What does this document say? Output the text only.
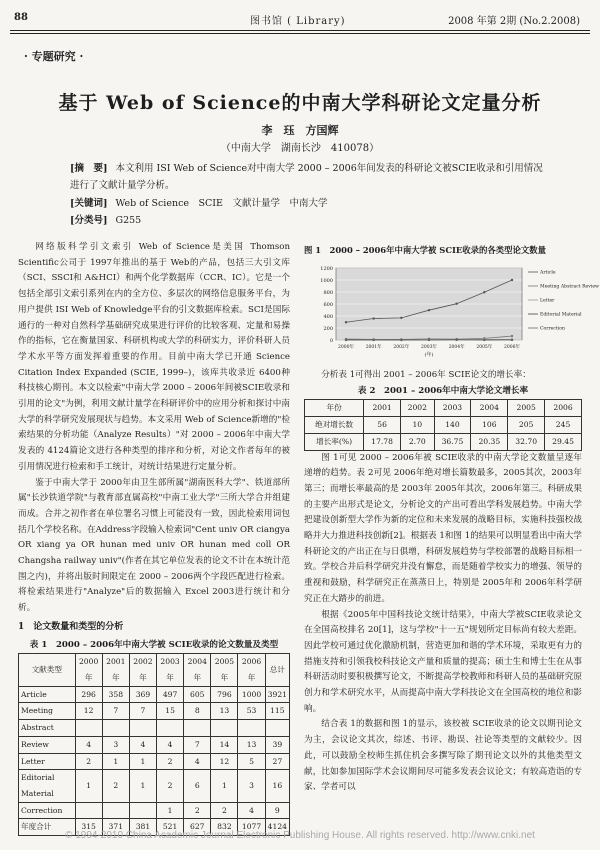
88	图书馆 ( Library)	2008 年第 2期 (No.2.2008)
· 专题研究 ·
基于 Web of Science的中南大学科研论文定量分析
李　珏　方国辉
（中南大学　湖南长沙　410078）
[摘　要] 本文利用 ISI Web of Science对中南大学 2000 – 2006年间发表的科研论文被SCIE收录和引用情况进行了文献计量学分析。
[关键词] Web of Science　SCIE　文献计量学　中南大学
[分类号] G255

网络版科学引文索引 Web of Science是美国 Thomson Scientific公司于 1997年推出的基于 Web的产品，包括三大引文库（SCI、SSCI和 A&HCI）和两个化学数据库（CCR、IC）。它是一个包括全部引文索引系列在内的全方位、多层次的网络信息服务平台，为用户提供 ISI Web of Knowledge平台的引文数据库检索。SCI是国际通行的一种对自然科学基础研究成果进行评价的比较客观、定量和易操作的指标，它在衡量国家、科研机构或大学的科研实力，评价科研人员学术水平等方面发挥着重要的作用。目前中南大学已开通 Science Citation Index Expanded (SCIE, 1999–)，该库共收录近 6400种科技核心期刊。本文以检索"中南大学 2000 – 2006年间被SCIE收录和引用的论文"为例，利用文献计量学在科研评价中的应用分析和探讨中南大学的科学研究发展现状与趋势。本文采用 Web of Science新增的"检索结果的分析功能（Analyze Results）"对 2000 – 2006年中南大学发表的 4124篇论文进行各种类型的排序和分析，对论文作者每年的被引用情况进行检索和手工统计，对统计结果进行定量分析。

鉴于中南大学于 2000年由卫生部所属"湖南医科大学"、铁道部所属"长沙铁道学院"与教育部直属高校"中南工业大学"三所大学合并组建而成。合并之初作者在单位署名习惯上可能没有一致，因此检索用词包括几个学校名称。在Address字段输入检索词"Cent univ OR ciangya OR xiang ya OR hunan med univ OR hunan med coll OR Changsha railway univ"(作者在其它单位发表的论文不计在本统计范围之内)，并将出版时间限定在 2000 – 2006两个字段匹配进行检索。将检索结果进行"Analyze"后的数据输入 Excel 2003进行统计和分析。

1　论文数量和类型的分析

表 1　2000 – 2006年中南大学被 SCIE收录的论文数量及类型
文献类型	2000年	2001年	2002年	2003年	2004年	2005年	2006年	总计
Article	296	358	369	497	605	796	1000	3921
Meeting	12	7	7	15	8	13	53	115
Abstract								
Review	4	3	4	4	7	14	13	39
Letter	2	1	1	2	4	12	5	27
Editorial Material	1	2	1	2	6	1	3	16
Correction				1	2	2	4	9
年度合计	315	371	381	521	627	832	1077	4124
图 1　2000 – 2006年中南大学被 SCIE收录的各类型论文数量
0
200
400
600
800
1000
1200
2000年	2001年	2002年	2003年	2004年	2005年	2006年
(年)
Article
Meeting Abstract Review
Letter
Editorial Material
Correction

分析表 1可得出 2001 – 2006年 SCIE论文的增长率：

表 2　2001 – 2006年中南大学论文增长率
年份	2001	2002	2003	2004	2005	2006
绝对增长数	56	10	140	106	205	245
增长率(%)	17.78	2.70	36.75	20.35	32.70	29.45

图 1可见 2000 – 2006年被 SCIE收录的中南大学论文数量呈逐年递增的趋势。表 2可见 2006年绝对增长篇数最多，2005其次，2003年第三；而增长率最高的是 2003年 2005年其次，2006年第三。科研成果的主要产出形式是论文，分析论文的产出可看出学科发展趋势。中南大学把建设创新型大学作为新的定位和未来发展的战略目标，实施科技强校战略并大力推进科技创新[2]。根据表 1和图 1的结果可以明显看出中南大学科研论文的产出正在与日俱增，科研发展趋势与学校部署的战略目标相一致。学校合并后科学研究并没有懈怠，而是随着学校实力的增强、领导的重视和鼓励，科学研究正在蒸蒸日上，特别是 2005年和 2006年科学研究正在大踏步的前进。

根据《2005年中国科技论文统计结果》，中南大学被SCIE收录论文在全国高校排名 20[1]，这与学校"十一五"规划所定目标尚有较大差距。因此学校可通过优化激励机制，营造更加和谐的学术环境，采取更有力的措施支持和引领我校科技论文产量和质量的提高；硕士生和博士生在从事科研活动时要积极撰写论文，不断提高学校教师和科研人员的基础研究原创力和学术研究水平，从而提高中南大学科技论文在全国高校的地位和影响。

结合表 1的数据和图 1的显示，该校被 SCIE收录的论文以期刊论文为主，会议论文其次，综述、书评、勘误、社论等类型的文献较少。因此，可以鼓励全校师生抓住机会多撰写除了期刊论文以外的其他类型文献，比如参加国际学术会议期间尽可能多发表会议论文；有较高造诣的专家、学者可以

© 1994-2010 China Academic Journal Electronic Publishing House. All rights reserved. http://www.cnki.net
